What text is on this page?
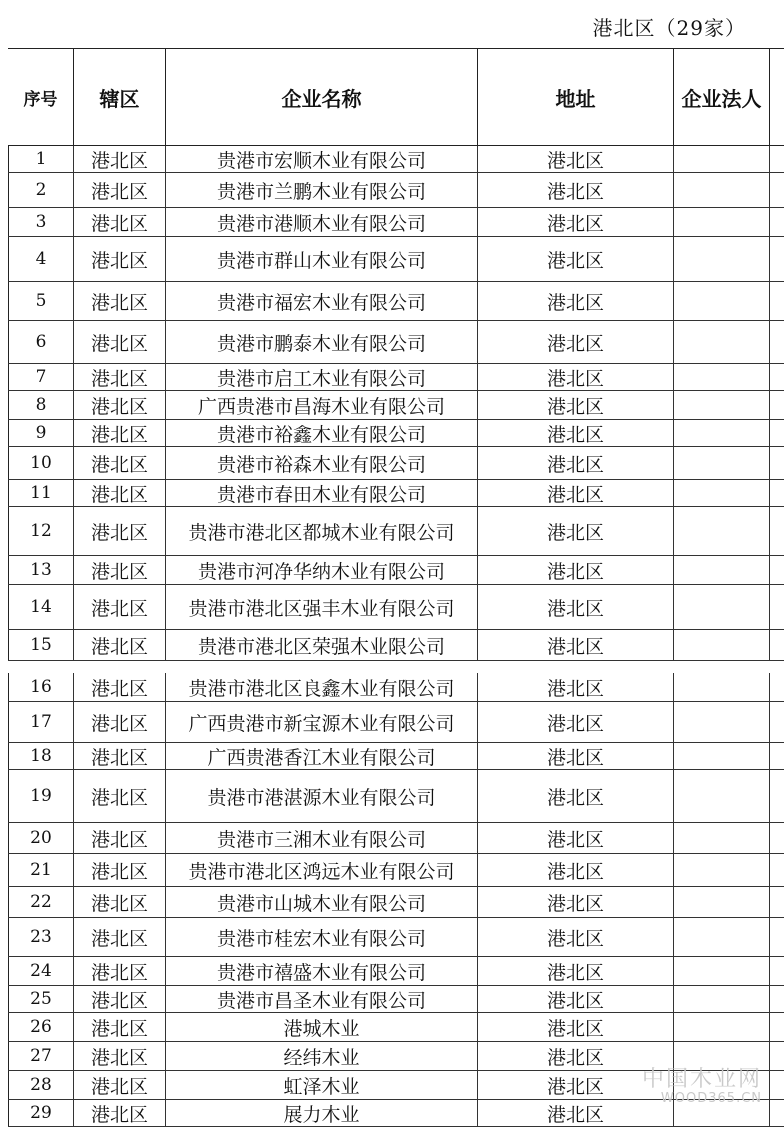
港北区（29家）
序号	辖区	企业名称	地址	企业法人
1	港北区	贵港市宏顺木业有限公司	港北区
2	港北区	贵港市兰鹏木业有限公司	港北区
3	港北区	贵港市港顺木业有限公司	港北区
4	港北区	贵港市群山木业有限公司	港北区
5	港北区	贵港市福宏木业有限公司	港北区
6	港北区	贵港市鹏泰木业有限公司	港北区
7	港北区	贵港市启工木业有限公司	港北区
8	港北区	广西贵港市昌海木业有限公司	港北区
9	港北区	贵港市裕鑫木业有限公司	港北区
10	港北区	贵港市裕森木业有限公司	港北区
11	港北区	贵港市春田木业有限公司	港北区
12	港北区	贵港市港北区都城木业有限公司	港北区
13	港北区	贵港市河净华纳木业有限公司	港北区
14	港北区	贵港市港北区强丰木业有限公司	港北区
15	港北区	贵港市港北区荣强木业限公司	港北区
16	港北区	贵港市港北区良鑫木业有限公司	港北区
17	港北区	广西贵港市新宝源木业有限公司	港北区
18	港北区	广西贵港香江木业有限公司	港北区
19	港北区	贵港市港湛源木业有限公司	港北区
20	港北区	贵港市三湘木业有限公司	港北区
21	港北区	贵港市港北区鸿远木业有限公司	港北区
22	港北区	贵港市山城木业有限公司	港北区
23	港北区	贵港市桂宏木业有限公司	港北区
24	港北区	贵港市禧盛木业有限公司	港北区
25	港北区	贵港市昌圣木业有限公司	港北区
26	港北区	港城木业	港北区
27	港北区	经纬木业	港北区
28	港北区	虹泽木业	港北区
29	港北区	展力木业	港北区
中国木业网
WOOD365.CN
